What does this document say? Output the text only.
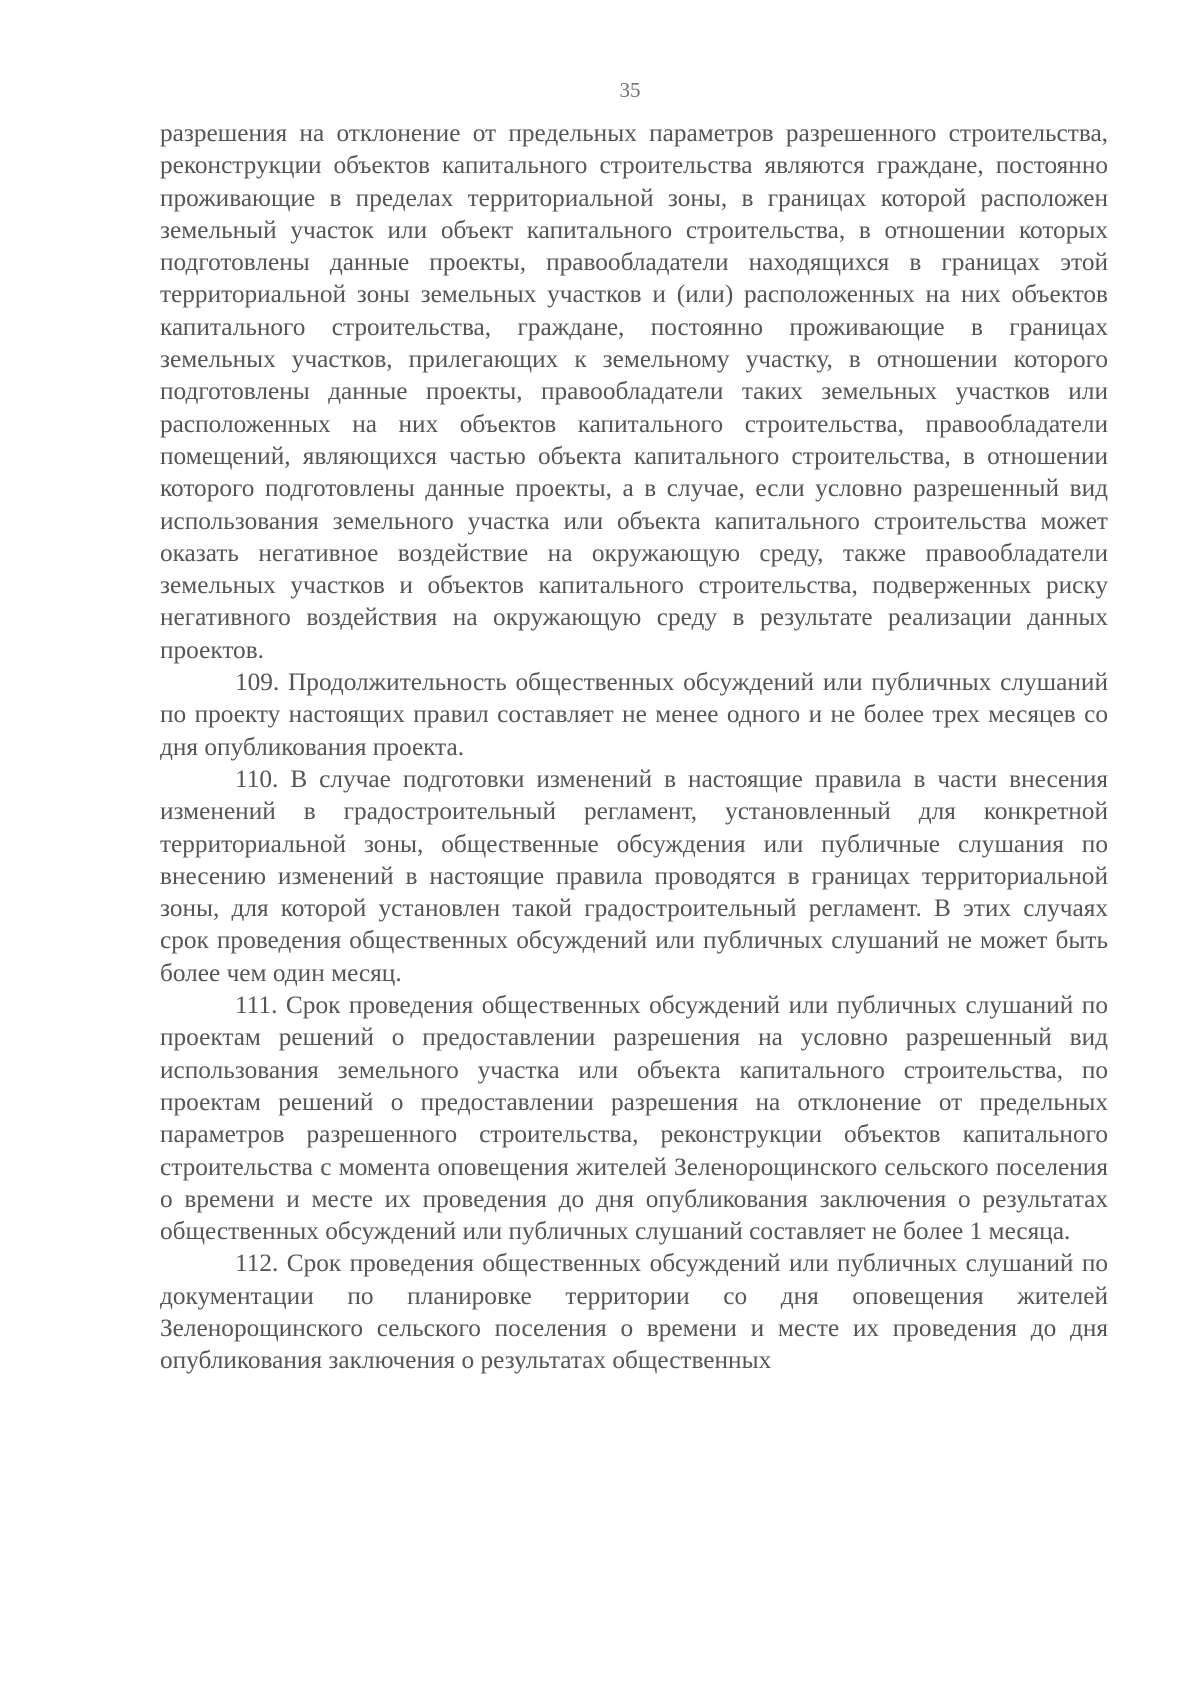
35

разрешения на отклонение от предельных параметров разрешенного строительства, реконструкции объектов капитального строительства являются граждане, постоянно проживающие в пределах территориальной зоны, в границах которой расположен земельный участок или объект капитального строительства, в отношении которых подготовлены данные проекты, правообладатели находящихся в границах этой территориальной зоны земельных участков и (или) расположенных на них объектов капитального строительства, граждане, постоянно проживающие в границах земельных участков, прилегающих к земельному участку, в отношении которого подготовлены данные проекты, правообладатели таких земельных участков или расположенных на них объектов капитального строительства, правообладатели помещений, являющихся частью объекта капитального строительства, в отношении которого подготовлены данные проекты, а в случае, если условно разрешенный вид использования земельного участка или объекта капитального строительства может оказать негативное воздействие на окружающую среду, также правообладатели земельных участков и объектов капитального строительства, подверженных риску негативного воздействия на окружающую среду в результате реализации данных проектов.

109. Продолжительность общественных обсуждений или публичных слушаний по проекту настоящих правил составляет не менее одного и не более трех месяцев со дня опубликования проекта.

110. В случае подготовки изменений в настоящие правила в части внесения изменений в градостроительный регламент, установленный для конкретной территориальной зоны, общественные обсуждения или публичные слушания по внесению изменений в настоящие правила проводятся в границах территориальной зоны, для которой установлен такой градостроительный регламент. В этих случаях срок проведения общественных обсуждений или публичных слушаний не может быть более чем один месяц.

111. Срок проведения общественных обсуждений или публичных слушаний по проектам решений о предоставлении разрешения на условно разрешенный вид использования земельного участка или объекта капитального строительства, по проектам решений о предоставлении разрешения на отклонение от предельных параметров разрешенного строительства, реконструкции объектов капитального строительства с момента оповещения жителей Зеленорощинского сельского поселения о времени и месте их проведения до дня опубликования заключения о результатах общественных обсуждений или публичных слушаний составляет не более 1 месяца.

112. Срок проведения общественных обсуждений или публичных слушаний по документации по планировке территории со дня оповещения жителей Зеленорощинского сельского поселения о времени и месте их проведения до дня опубликования заключения о результатах общественных
